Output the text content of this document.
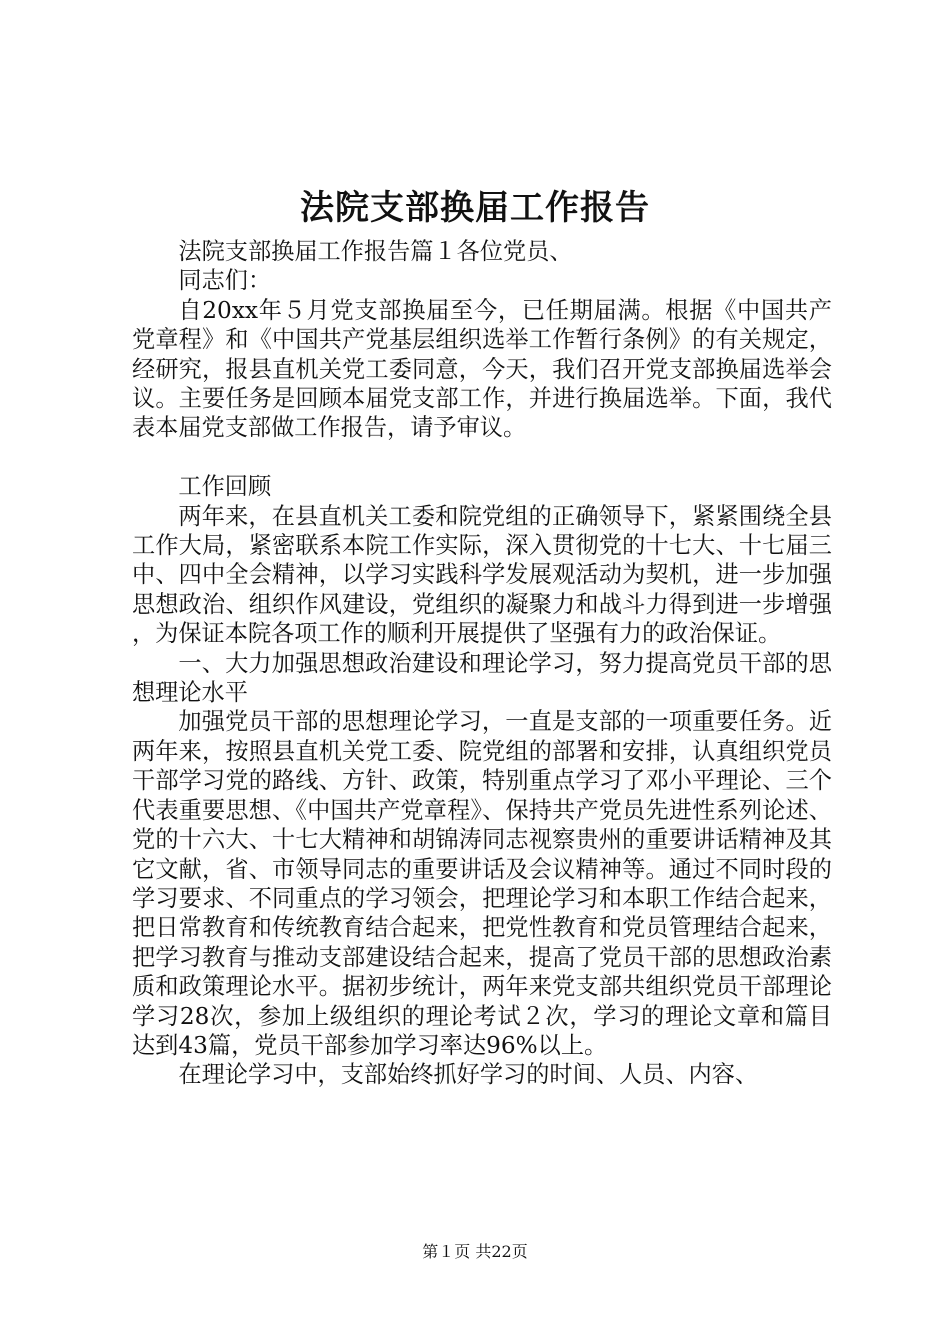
法院支部换届工作报告

法院支部换届工作报告篇１各位党员、

同志们：

自20xx年５月党支部换届至今，已任期届满。根据《中国共产党章程》和《中国共产党基层组织选举工作暂行条例》的有关规定，经研究，报县直机关党工委同意，今天，我们召开党支部换届选举会议。主要任务是回顾本届党支部工作，并进行换届选举。下面，我代表本届党支部做工作报告，请予审议。

工作回顾

两年来，在县直机关工委和院党组的正确领导下，紧紧围绕全县工作大局，紧密联系本院工作实际，深入贯彻党的十七大、十七届三中、四中全会精神，以学习实践科学发展观活动为契机，进一步加强思想政治、组织作风建设，党组织的凝聚力和战斗力得到进一步增强，为保证本院各项工作的顺利开展提供了坚强有力的政治保证。

一、大力加强思想政治建设和理论学习，努力提高党员干部的思想理论水平

加强党员干部的思想理论学习，一直是支部的一项重要任务。近两年来，按照县直机关党工委、院党组的部署和安排，认真组织党员干部学习党的路线、方针、政策，特别重点学习了邓小平理论、三个代表重要思想、《中国共产党章程》、保持共产党员先进性系列论述、党的十六大、十七大精神和胡锦涛同志视察贵州的重要讲话精神及其它文献，省、市领导同志的重要讲话及会议精神等。通过不同时段的学习要求、不同重点的学习领会，把理论学习和本职工作结合起来，把日常教育和传统教育结合起来，把党性教育和党员管理结合起来，把学习教育与推动支部建设结合起来，提高了党员干部的思想政治素质和政策理论水平。据初步统计，两年来党支部共组织党员干部理论学习28次，参加上级组织的理论考试２次，学习的理论文章和篇目达到43篇，党员干部参加学习率达96%以上。

在理论学习中，支部始终抓好学习的时间、人员、内容、

第１页 共22页
